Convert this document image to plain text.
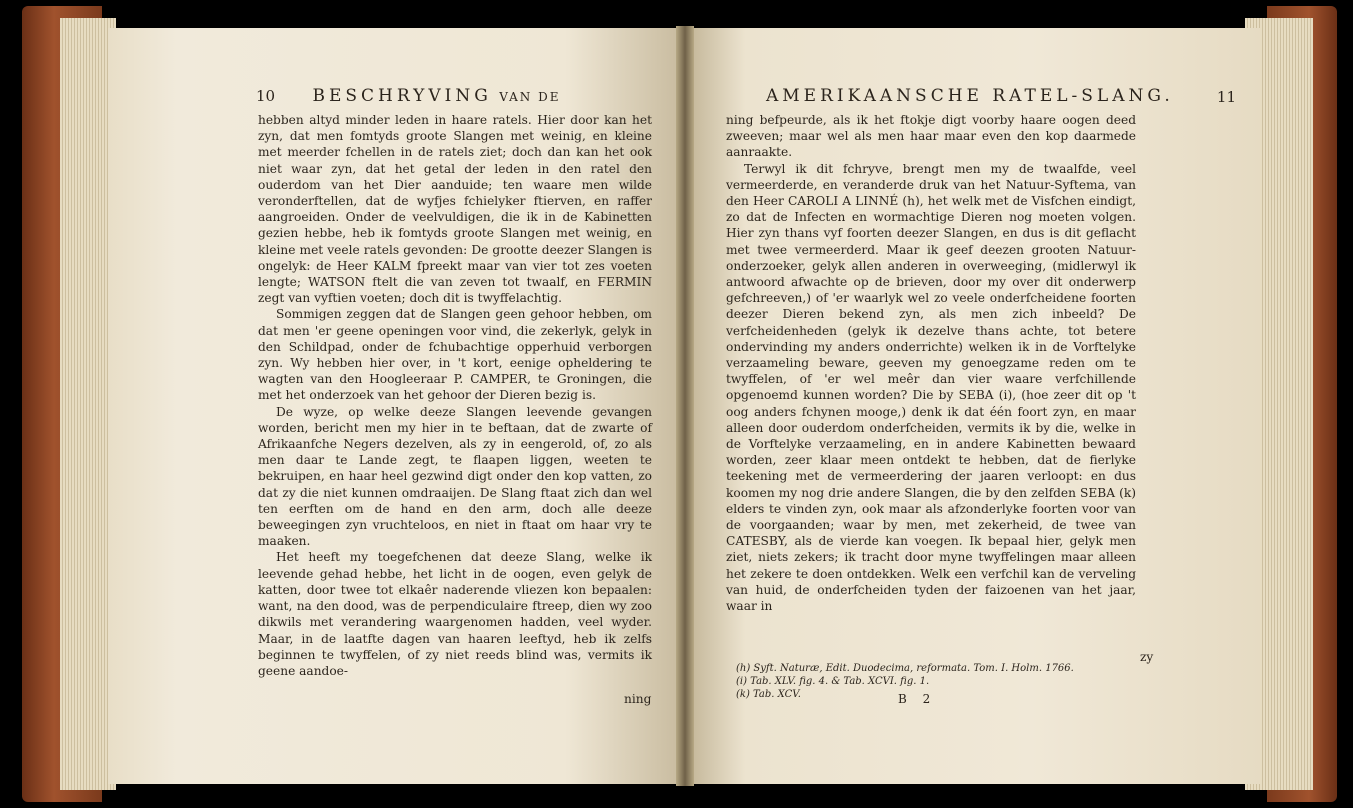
10 BESCHRYVING VAN DE

hebben altyd minder leden in haare ratels. Hier door kan het zyn, dat men fomtyds groote Slangen met weinig, en kleine met meerder fchellen in de ratels ziet; doch dan kan het ook niet waar zyn, dat het getal der leden in den ratel den ouderdom van het Dier aanduide; ten waare men wilde veronderftellen, dat de wyfjes fchielyker ftierven, en raffer aangroeiden. Onder de veelvuldigen, die ik in de Kabinetten gezien hebbe, heb ik fomtyds groote Slangen met weinig, en kleine met veele ratels gevonden: De grootte deezer Slangen is ongelyk: de Heer KALM fpreekt maar van vier tot zes voeten lengte; WATSON ftelt die van zeven tot twaalf, en FERMIN zegt van vyftien voeten; doch dit is twyffelachtig.

Sommigen zeggen dat de Slangen geen gehoor hebben, om dat men 'er geene openingen voor vind, die zekerlyk, gelyk in den Schildpad, onder de fchubachtige opperhuid verborgen zyn. Wy hebben hier over, in 't kort, eenige opheldering te wagten van den Hoogleeraar P. CAMPER, te Groningen, die met het onderzoek van het gehoor der Dieren bezig is.

De wyze, op welke deeze Slangen leevende gevangen worden, bericht men my hier in te beftaan, dat de zwarte of Afrikaanfche Negers dezelven, als zy in eengerold, of, zo als men daar te Lande zegt, te flaapen liggen, weeten te bekruipen, en haar heel gezwind digt onder den kop vatten, zo dat zy die niet kunnen omdraaijen. De Slang ftaat zich dan wel ten eerften om de hand en den arm, doch alle deeze beweegingen zyn vruchteloos, en niet in ftaat om haar vry te maaken.

Het heeft my toegefchenen dat deeze Slang, welke ik leevende gehad hebbe, het licht in de oogen, even gelyk de katten, door twee tot elkaêr naderende vliezen kon bepaalen: want, na den dood, was de perpendiculaire ftreep, dien wy zoo dikwils met verandering waargenomen hadden, veel wyder. Maar, in de laatfte dagen van haaren leeftyd, heb ik zelfs beginnen te twyffelen, of zy niet reeds blind was, vermits ik geene aandoe-

ning
AMERIKAANSCHE RATEL-SLANG.	11

ning befpeurde, als ik het ftokje digt voorby haare oogen deed zweeven; maar wel als men haar maar even den kop daarmede aanraakte.

Terwyl ik dit fchryve, brengt men my de twaalfde, veel vermeerderde, en veranderde druk van het Natuur-Syftema, van den Heer CAROLI A LINNÉ (h), het welk met de Visfchen eindigt, zo dat de Infecten en wormachtige Dieren nog moeten volgen. Hier zyn thans vyf foorten deezer Slangen, en dus is dit geflacht met twee vermeerderd. Maar ik geef deezen grooten Natuur-onderzoeker, gelyk allen anderen in overweeging, (midlerwyl ik antwoord afwachte op de brieven, door my over dit onderwerp gefchreeven,) of 'er waarlyk wel zo veele onderfcheidene foorten deezer Dieren bekend zyn, als men zich inbeeld? De verfcheidenheden (gelyk ik dezelve thans achte, tot betere ondervinding my anders onderrichte) welken ik in de Vorftelyke verzaameling beware, geeven my genoegzame reden om te twyffelen, of 'er wel meêr dan vier waare verfchillende opgenoemd kunnen worden? Die by SEBA (i), (hoe zeer dit op 't oog anders fchynen mooge,) denk ik dat één foort zyn, en maar alleen door ouderdom onderfcheiden, vermits ik by die, welke in de Vorftelyke verzaameling, en in andere Kabinetten bewaard worden, zeer klaar meen ontdekt te hebben, dat de fierlyke teekening met de vermeerdering der jaaren verloopt: en dus koomen my nog drie andere Slangen, die by den zelfden SEBA (k) elders te vinden zyn, ook maar als afzonderlyke foorten voor van de voorgaanden; waar by men, met zekerheid, de twee van CATESBY, als de vierde kan voegen. Ik bepaal hier, gelyk men ziet, niets zekers; ik tracht door myne twyffelingen maar alleen het zekere te doen ontdekken. Welk een verfchil kan de verveling van huid, de onderfcheiden tyden der faizoenen van het jaar, waar in

zy
(h) Syft. Naturæ, Edit. Duodecima, reformata. Tom. I. Holm. 1766.
(i) Tab. XLV. fig. 4. & Tab. XCVI. fig. 1.
(k) Tab. XCV.	B 2
